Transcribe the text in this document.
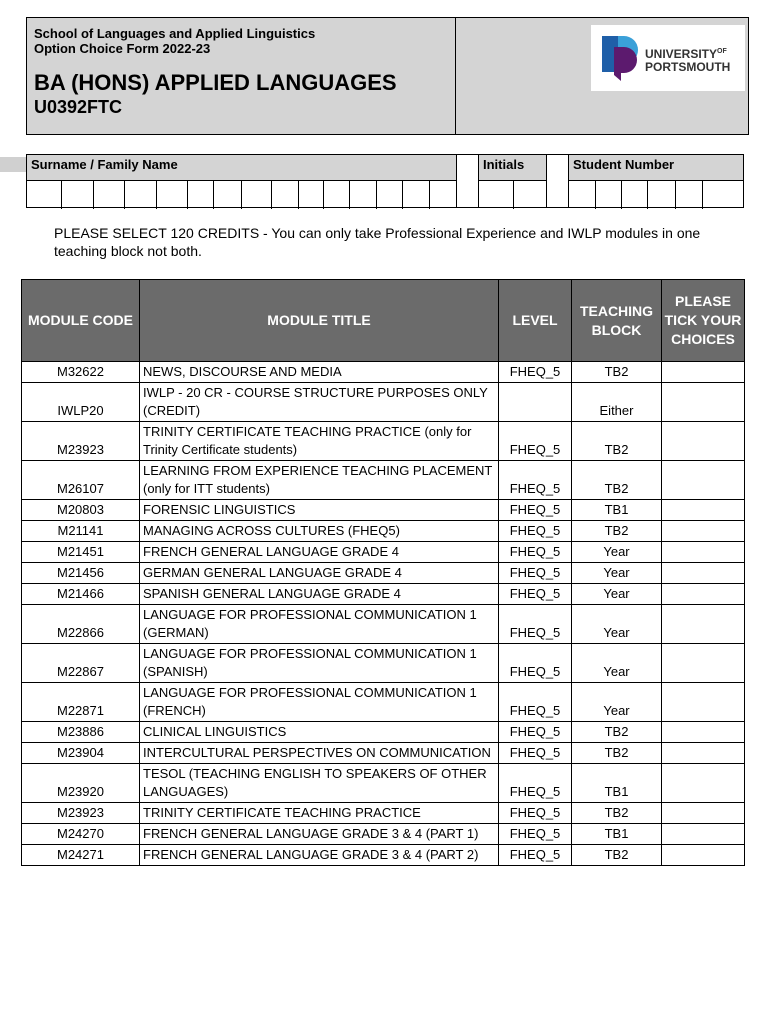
School of Languages and Applied Linguistics
Option Choice Form 2022-23
BA (HONS) APPLIED LANGUAGES
U0392FTC
$UNIVERSITY^{OF}$
PORTSMOUTH
Surname / Family Name	Initials	Student Number
PLEASE SELECT 120 CREDITS - You can only take Professional Experience and IWLP modules in one teaching block not both.
MODULE CODE	MODULE TITLE	LEVEL	TEACHING BLOCK	PLEASE TICK YOUR CHOICES
M32622	NEWS, DISCOURSE AND MEDIA	FHEQ_5	TB2	
IWLP20	IWLP - 20 CR - COURSE STRUCTURE PURPOSES ONLY (CREDIT)		Either	
M23923	TRINITY CERTIFICATE TEACHING PRACTICE (only for Trinity Certificate students)	FHEQ_5	TB2	
M26107	LEARNING FROM EXPERIENCE TEACHING PLACEMENT (only for ITT students)	FHEQ_5	TB2	
M20803	FORENSIC LINGUISTICS	FHEQ_5	TB1	
M21141	MANAGING ACROSS CULTURES (FHEQ5)	FHEQ_5	TB2	
M21451	FRENCH GENERAL LANGUAGE GRADE 4	FHEQ_5	Year	
M21456	GERMAN GENERAL LANGUAGE GRADE 4	FHEQ_5	Year	
M21466	SPANISH GENERAL LANGUAGE GRADE 4	FHEQ_5	Year	
M22866	LANGUAGE FOR PROFESSIONAL COMMUNICATION 1 (GERMAN)	FHEQ_5	Year	
M22867	LANGUAGE FOR PROFESSIONAL COMMUNICATION 1 (SPANISH)	FHEQ_5	Year	
M22871	LANGUAGE FOR PROFESSIONAL COMMUNICATION 1 (FRENCH)	FHEQ_5	Year	
M23886	CLINICAL LINGUISTICS	FHEQ_5	TB2	
M23904	INTERCULTURAL PERSPECTIVES ON COMMUNICATION	FHEQ_5	TB2	
M23920	TESOL (TEACHING ENGLISH TO SPEAKERS OF OTHER LANGUAGES)	FHEQ_5	TB1	
M23923	TRINITY CERTIFICATE TEACHING PRACTICE	FHEQ_5	TB2	
M24270	FRENCH GENERAL LANGUAGE GRADE 3 & 4 (PART 1)	FHEQ_5	TB1	
M24271	FRENCH GENERAL LANGUAGE GRADE 3 & 4 (PART 2)	FHEQ_5	TB2	
